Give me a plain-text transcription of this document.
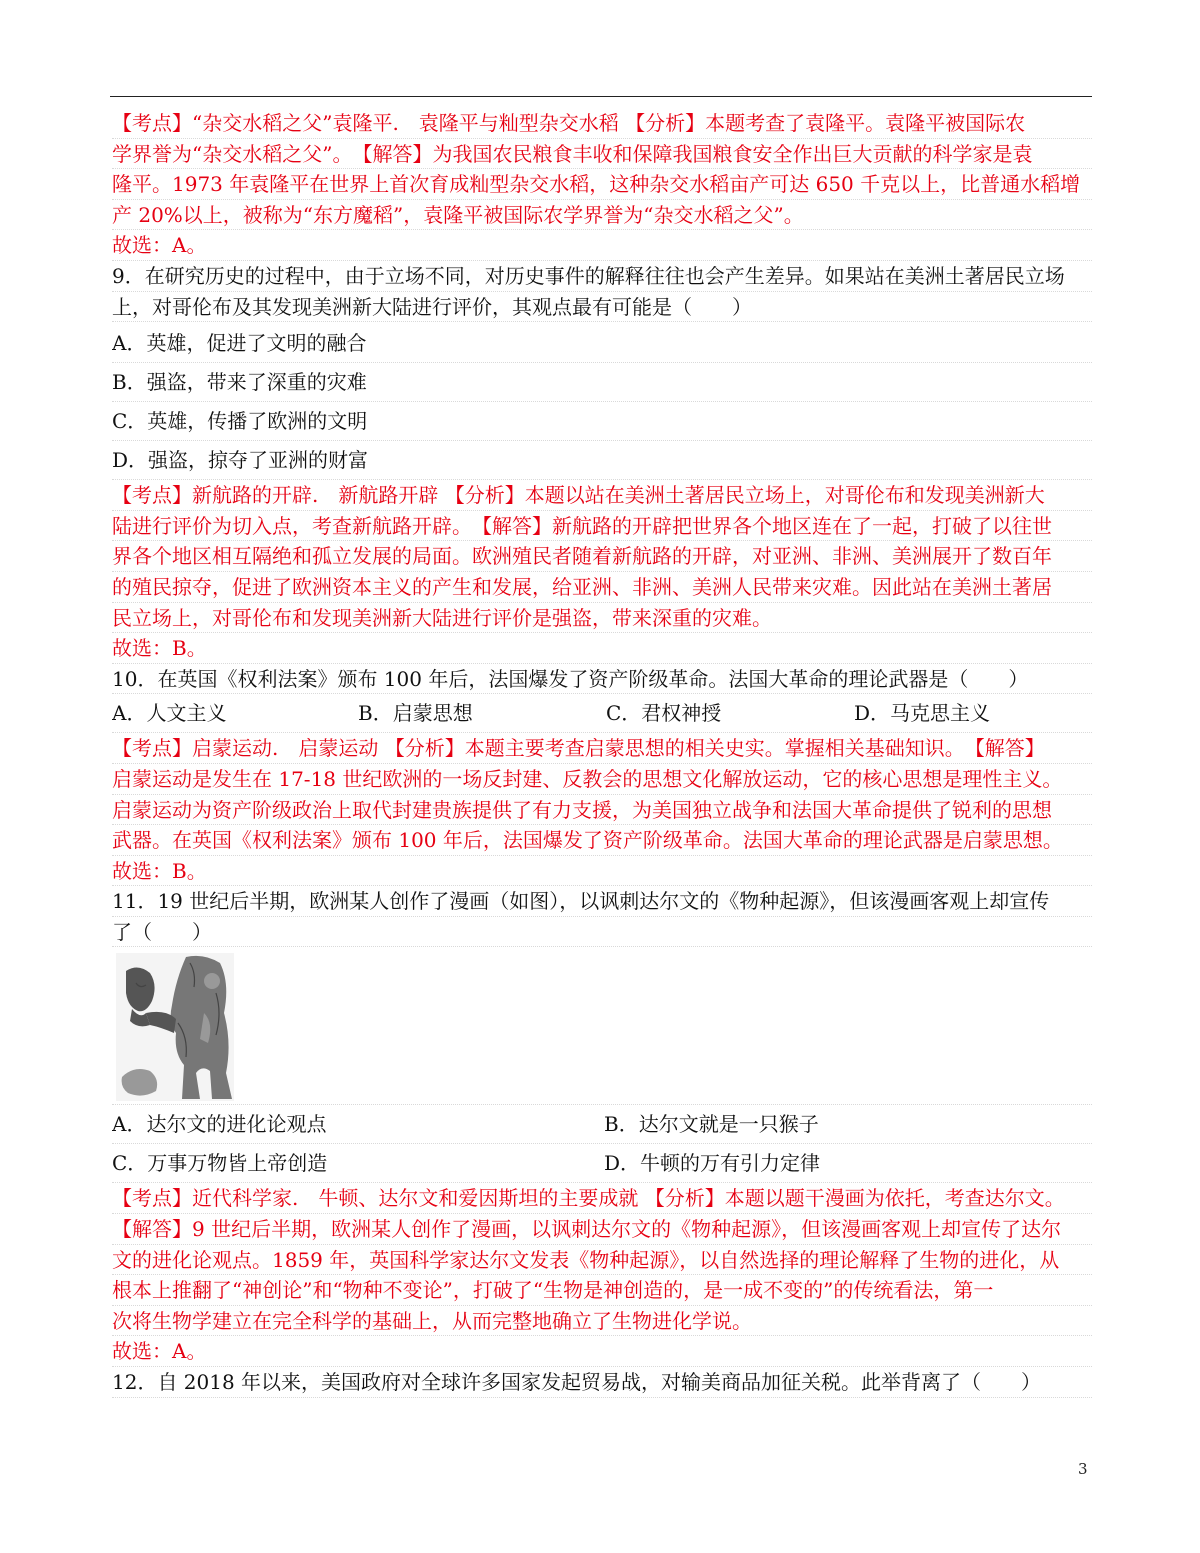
【考点】“杂交水稻之父”袁隆平.　袁隆平与籼型杂交水稻 【分析】本题考查了袁隆平。袁隆平被国际农
学界誉为“杂交水稻之父”。　【解答】为我国农民粮食丰收和保障我国粮食安全作出巨大贡献的科学家是袁
隆平。1973 年袁隆平在世界上首次育成籼型杂交水稻，这种杂交水稻亩产可达 650 千克以上，比普通水稻增
产 20%以上，被称为“东方魔稻”，袁隆平被国际农学界誉为“杂交水稻之父”。
故选：A。
9．在研究历史的过程中，由于立场不同，对历史事件的解释往往也会产生差异。如果站在美洲土著居民立场
上，对哥伦布及其发现美洲新大陆进行评价，其观点最有可能是（　　）
A．英雄，促进了文明的融合
B．强盗，带来了深重的灾难
C．英雄，传播了欧洲的文明
D．强盗，掠夺了亚洲的财富
【考点】新航路的开辟.　新航路开辟 【分析】本题以站在美洲土著居民立场上，对哥伦布和发现美洲新大
陆进行评价为切入点，考查新航路开辟。　【解答】新航路的开辟把世界各个地区连在了一起，打破了以往世
界各个地区相互隔绝和孤立发展的局面。欧洲殖民者随着新航路的开辟，对亚洲、非洲、美洲展开了数百年
的殖民掠夺，促进了欧洲资本主义的产生和发展，给亚洲、非洲、美洲人民带来灾难。因此站在美洲土著居
民立场上，对哥伦布和发现美洲新大陆进行评价是强盗，带来深重的灾难。
故选：B。
10．在英国《权利法案》颁布 100 年后，法国爆发了资产阶级革命。法国大革命的理论武器是（　　）
A．人文主义	B．启蒙思想	C．君权神授	D．马克思主义
【考点】启蒙运动.　启蒙运动 【分析】本题主要考查启蒙思想的相关史实。掌握相关基础知识。　【解答】
启蒙运动是发生在 17-18 世纪欧洲的一场反封建、反教会的思想文化解放运动，它的核心思想是理性主义。
启蒙运动为资产阶级政治上取代封建贵族提供了有力支援，为美国独立战争和法国大革命提供了锐利的思想
武器。在英国《权利法案》颁布 100 年后，法国爆发了资产阶级革命。法国大革命的理论武器是启蒙思想。
故选：B。
11．19 世纪后半期，欧洲某人创作了漫画（如图），以讽刺达尔文的《物种起源》，但该漫画客观上却宣传
了（　　）
A．达尔文的进化论观点	B．达尔文就是一只猴子
C．万事万物皆上帝创造	D．牛顿的万有引力定律
【考点】近代科学家.　牛顿、达尔文和爱因斯坦的主要成就 【分析】本题以题干漫画为依托，考查达尔文。
【解答】9 世纪后半期，欧洲某人创作了漫画，以讽刺达尔文的《物种起源》，但该漫画客观上却宣传了达尔
文的进化论观点。1859 年，英国科学家达尔文发表《物种起源》，以自然选择的理论解释了生物的进化，从
根本上推翻了“神创论”和“物种不变论”，打破了“生物是神创造的，是一成不变的”的传统看法，第一
次将生物学建立在完全科学的基础上，从而完整地确立了生物进化学说。
故选：A。
12．自 2018 年以来，美国政府对全球许多国家发起贸易战，对输美商品加征关税。此举背离了（　　）
3
